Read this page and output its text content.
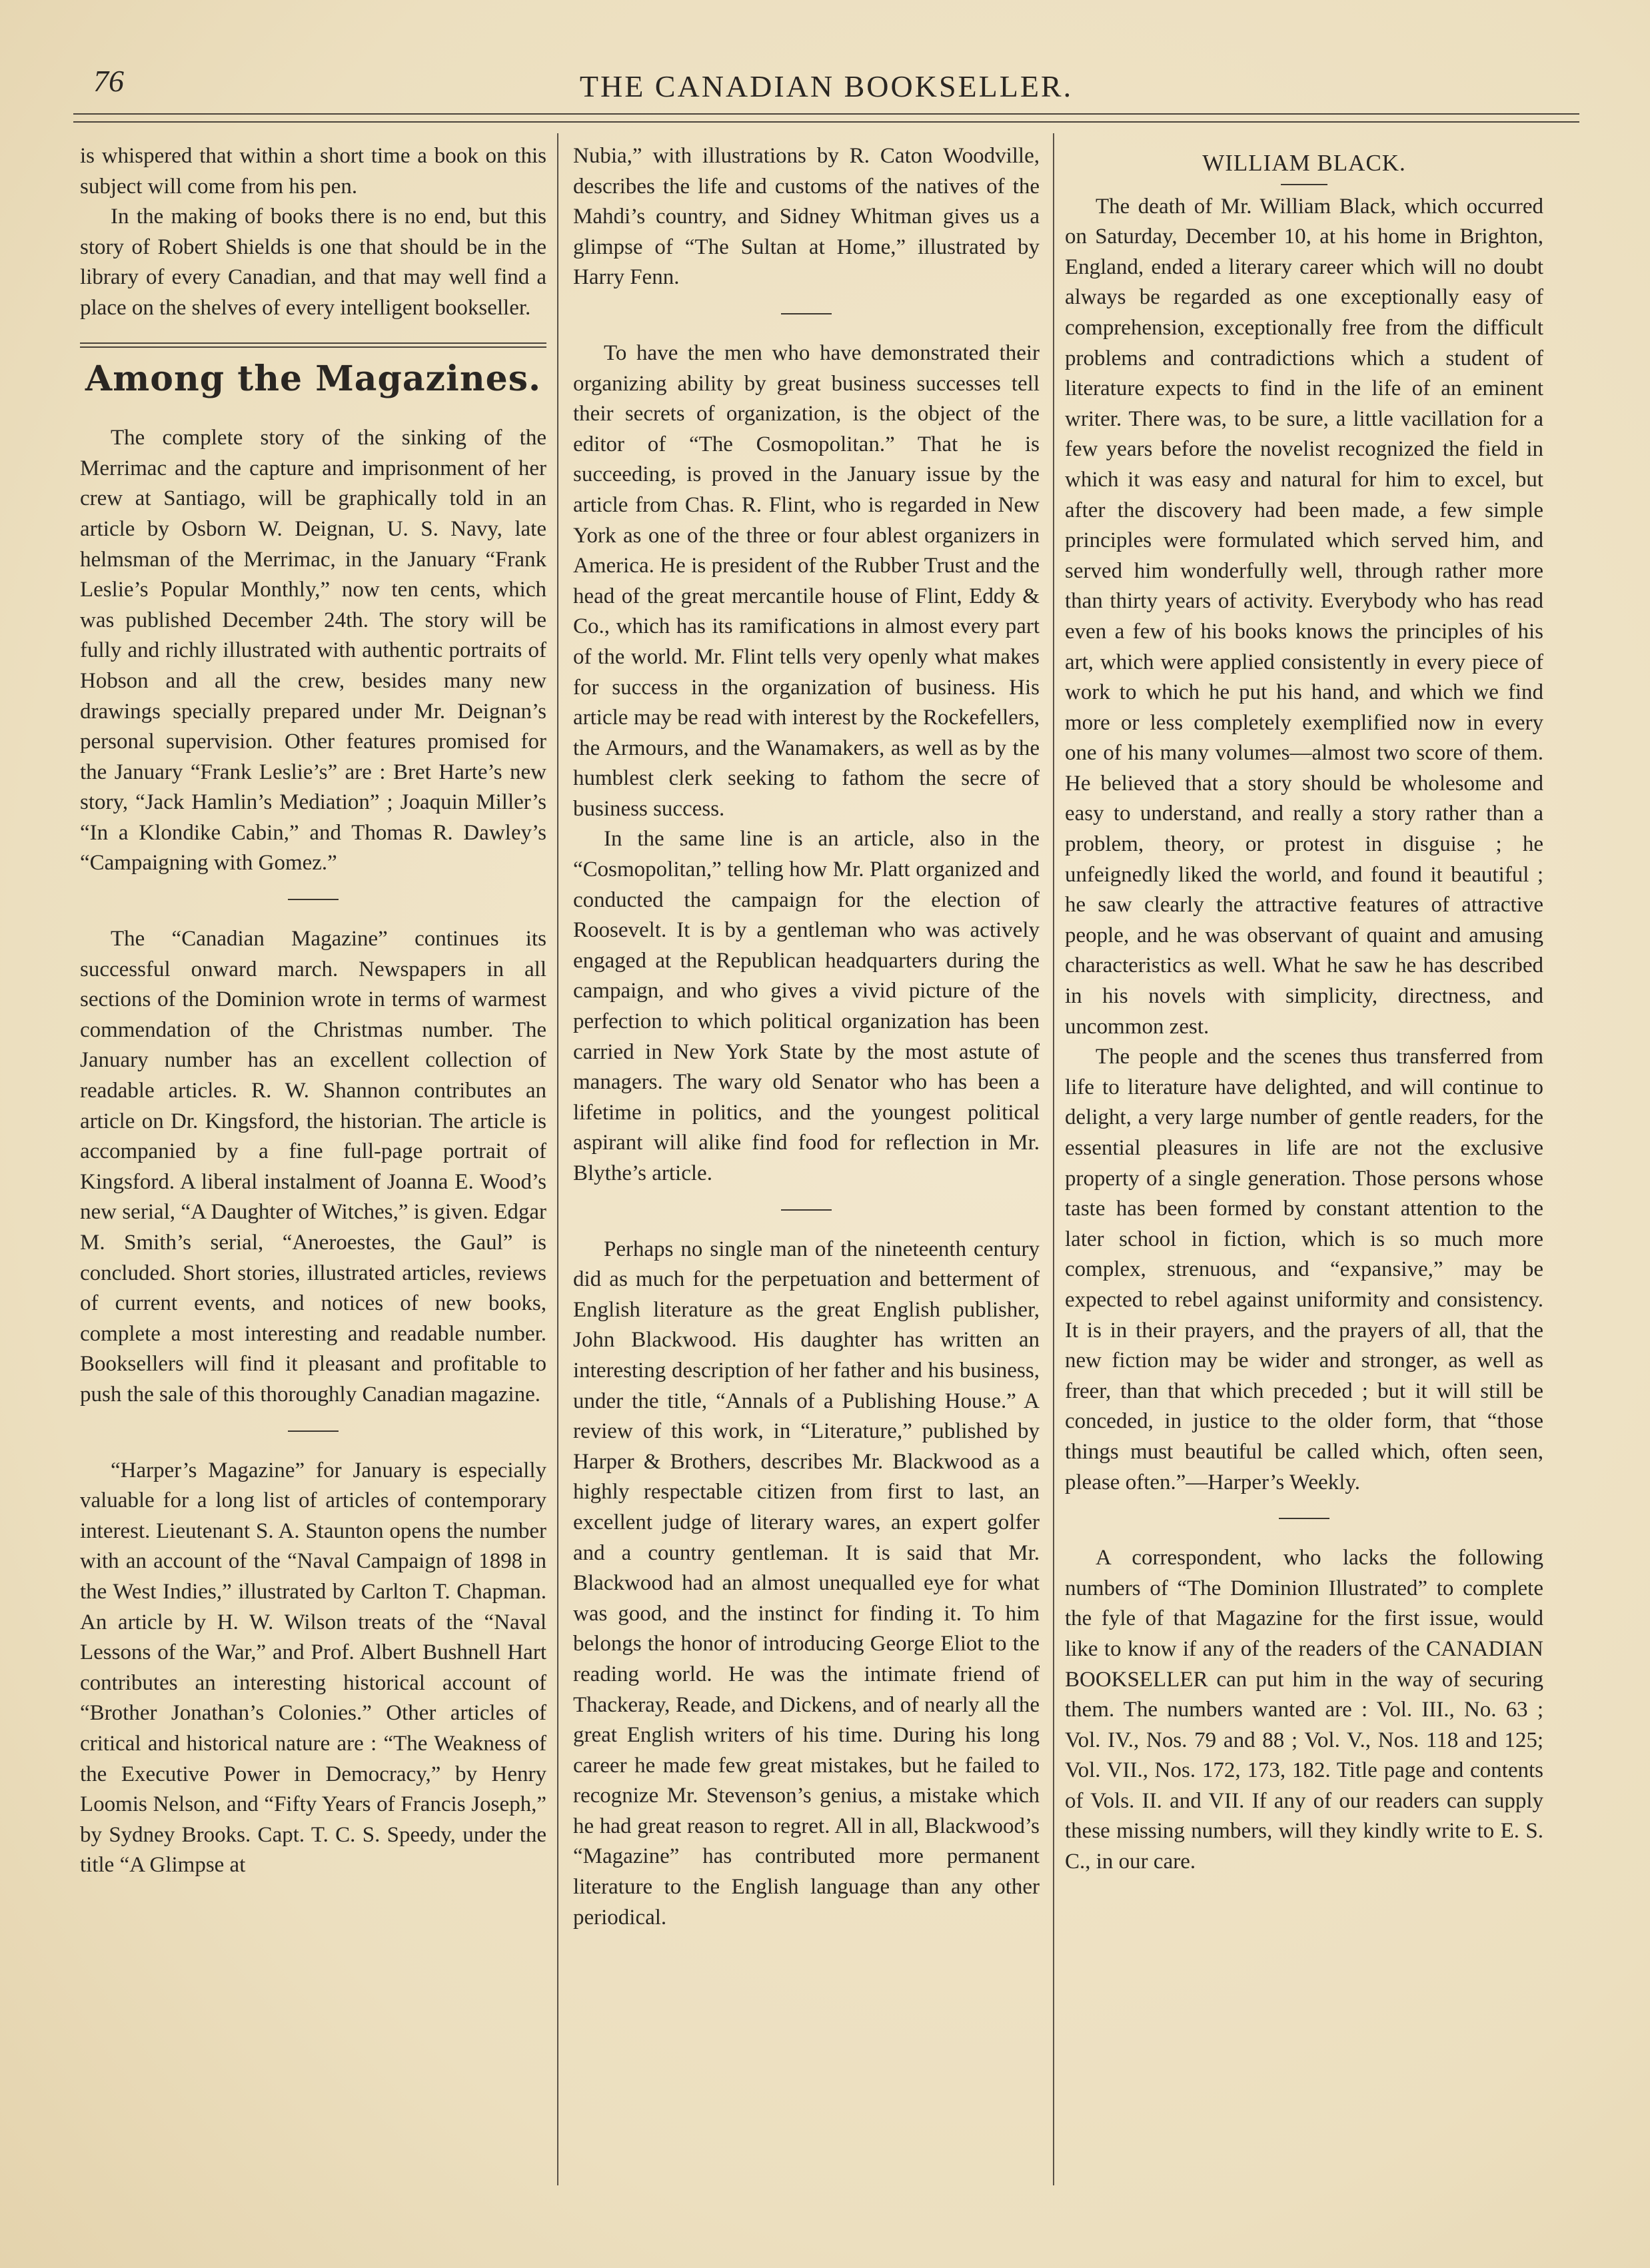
76	THE CANADIAN BOOKSELLER.

is whispered that within a short time a book on this subject will come from his pen.

In the making of books there is no end, but this story of Robert Shields is one that should be in the library of every Canadian, and that may well find a place on the shelves of every intelligent bookseller.

Among the Magazines.

The complete story of the sinking of the Merrimac and the capture and imprisonment of her crew at Santiago, will be graphically told in an article by Osborn W. Deignan, U. S. Navy, late helmsman of the Merrimac, in the January “Frank Leslie’s Popular Monthly,” now ten cents, which was published December 24th. The story will be fully and richly illustrated with authentic portraits of Hobson and all the crew, besides many new drawings specially prepared under Mr. Deignan’s personal supervision. Other features promised for the January “Frank Leslie’s” are : Bret Harte’s new story, “Jack Hamlin’s Mediation” ; Joaquin Miller’s “In a Klondike Cabin,” and Thomas R. Dawley’s “Campaigning with Gomez.”

The “Canadian Magazine” continues its successful onward march. Newspapers in all sections of the Dominion wrote in terms of warmest commendation of the Christmas number. The January number has an excellent collection of readable articles. R. W. Shannon contributes an article on Dr. Kingsford, the historian. The article is accompanied by a fine full-page portrait of Kingsford. A liberal instalment of Joanna E. Wood’s new serial, “A Daughter of Witches,” is given. Edgar M. Smith’s serial, “Aneroestes, the Gaul” is concluded. Short stories, illustrated articles, reviews of current events, and notices of new books, complete a most interesting and readable number. Booksellers will find it pleasant and profitable to push the sale of this thoroughly Canadian magazine.

“Harper’s Magazine” for January is especially valuable for a long list of articles of contemporary interest. Lieutenant S. A. Staunton opens the number with an account of the “Naval Campaign of 1898 in the West Indies,” illustrated by Carlton T. Chapman. An article by H. W. Wilson treats of the “Naval Lessons of the War,” and Prof. Albert Bushnell Hart contributes an interesting historical account of “Brother Jonathan’s Colonies.” Other articles of critical and historical nature are : “The Weakness of the Executive Power in Democracy,” by Henry Loomis Nelson, and “Fifty Years of Francis Joseph,” by Sydney Brooks. Capt. T. C. S. Speedy, under the title “A Glimpse at

Nubia,” with illustrations by R. Caton Woodville, describes the life and customs of the natives of the Mahdi’s country, and Sidney Whitman gives us a glimpse of “The Sultan at Home,” illustrated by Harry Fenn.

To have the men who have demonstrated their organizing ability by great business successes tell their secrets of organization, is the object of the editor of “The Cosmopolitan.” That he is succeeding, is proved in the January issue by the article from Chas. R. Flint, who is regarded in New York as one of the three or four ablest organizers in America. He is president of the Rubber Trust and the head of the great mercantile house of Flint, Eddy & Co., which has its ramifications in almost every part of the world. Mr. Flint tells very openly what makes for success in the organization of business. His article may be read with interest by the Rockefellers, the Armours, and the Wanamakers, as well as by the humblest clerk seeking to fathom the secre of business success.

In the same line is an article, also in the “Cosmopolitan,” telling how Mr. Platt organized and conducted the campaign for the election of Roosevelt. It is by a gentleman who was actively engaged at the Republican headquarters during the campaign, and who gives a vivid picture of the perfection to which political organization has been carried in New York State by the most astute of managers. The wary old Senator who has been a lifetime in politics, and the youngest political aspirant will alike find food for reflection in Mr. Blythe’s article.

Perhaps no single man of the nineteenth century did as much for the perpetuation and betterment of English literature as the great English publisher, John Blackwood. His daughter has written an interesting description of her father and his business, under the title, “Annals of a Publishing House.” A review of this work, in “Literature,” published by Harper & Brothers, describes Mr. Blackwood as a highly respectable citizen from first to last, an excellent judge of literary wares, an expert golfer and a country gentleman. It is said that Mr. Blackwood had an almost unequalled eye for what was good, and the instinct for finding it. To him belongs the honor of introducing George Eliot to the reading world. He was the intimate friend of Thackeray, Reade, and Dickens, and of nearly all the great English writers of his time. During his long career he made few great mistakes, but he failed to recognize Mr. Stevenson’s genius, a mistake which he had great reason to regret. All in all, Blackwood’s “Magazine” has contributed more permanent literature to the English language than any other periodical.

WILLIAM BLACK.

The death of Mr. William Black, which occurred on Saturday, December 10, at his home in Brighton, England, ended a literary career which will no doubt always be regarded as one exceptionally easy of comprehension, exceptionally free from the difficult problems and contradictions which a student of literature expects to find in the life of an eminent writer. There was, to be sure, a little vacillation for a few years before the novelist recognized the field in which it was easy and natural for him to excel, but after the discovery had been made, a few simple principles were formulated which served him, and served him wonderfully well, through rather more than thirty years of activity. Everybody who has read even a few of his books knows the principles of his art, which were applied consistently in every piece of work to which he put his hand, and which we find more or less completely exemplified now in every one of his many volumes—almost two score of them. He believed that a story should be wholesome and easy to understand, and really a story rather than a problem, theory, or protest in disguise ; he unfeignedly liked the world, and found it beautiful ; he saw clearly the attractive features of attractive people, and he was observant of quaint and amusing characteristics as well. What he saw he has described in his novels with simplicity, directness, and uncommon zest.

The people and the scenes thus transferred from life to literature have delighted, and will continue to delight, a very large number of gentle readers, for the essential pleasures in life are not the exclusive property of a single generation. Those persons whose taste has been formed by constant attention to the later school in fiction, which is so much more complex, strenuous, and “expansive,” may be expected to rebel against uniformity and consistency. It is in their prayers, and the prayers of all, that the new fiction may be wider and stronger, as well as freer, than that which preceded ; but it will still be conceded, in justice to the older form, that “those things must beautiful be called which, often seen, please often.”—Harper’s Weekly.

A correspondent, who lacks the following numbers of “The Dominion Illustrated” to complete the fyle of that Magazine for the first issue, would like to know if any of the readers of the CANADIAN BOOKSELLER can put him in the way of securing them. The numbers wanted are : Vol. III., No. 63 ; Vol. IV., Nos. 79 and 88 ; Vol. V., Nos. 118 and 125; Vol. VII., Nos. 172, 173, 182. Title page and contents of Vols. II. and VII. If any of our readers can supply these missing numbers, will they kindly write to E. S. C., in our care.
